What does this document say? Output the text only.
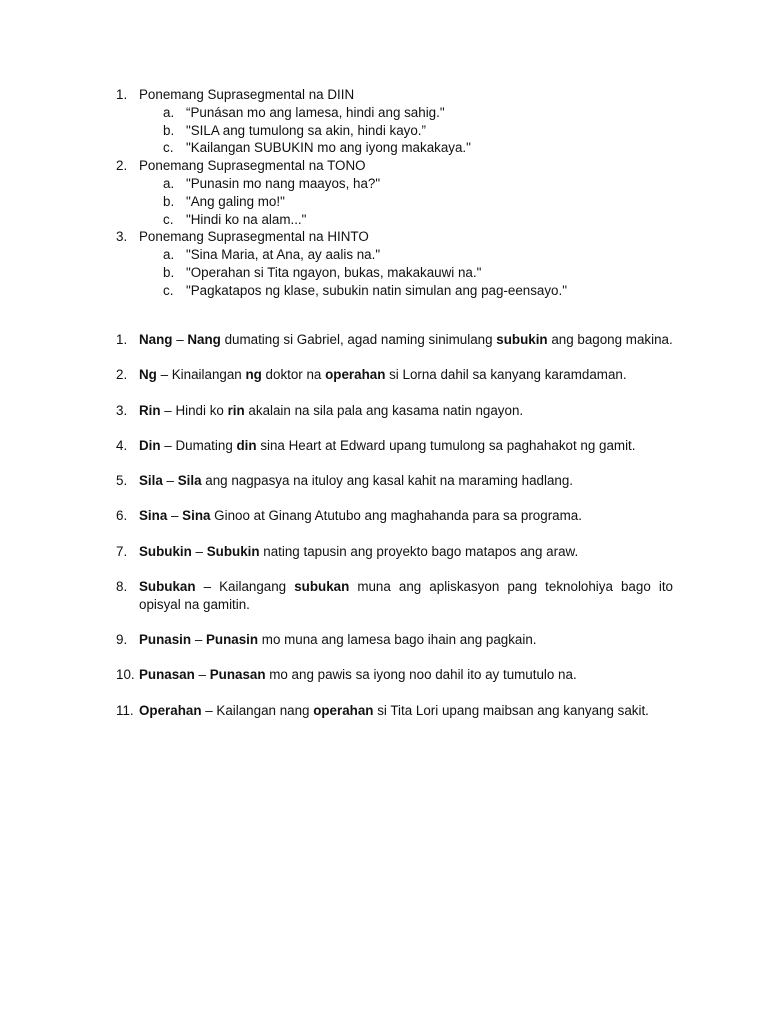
1. Ponemang Suprasegmental na DIIN
a. “Punásan mo ang lamesa, hindi ang sahig."
b. "SILA ang tumulong sa akin, hindi kayo.”
c. "Kailangan SUBUKIN mo ang iyong makakaya."
2. Ponemang Suprasegmental na TONO
a. "Punasin mo nang maayos, ha?"
b. "Ang galing mo!"
c. "Hindi ko na alam..."
3. Ponemang Suprasegmental na HINTO
a. "Sina Maria, at Ana, ay aalis na."
b. "Operahan si Tita ngayon, bukas, makakauwi na."
c. "Pagkatapos ng klase, subukin natin simulan ang pag-eensayo."
1. Nang – Nang dumating si Gabriel, agad naming sinimulang subukin ang bagong makina.
2. Ng – Kinailangan ng doktor na operahan si Lorna dahil sa kanyang karamdaman.
3. Rin – Hindi ko rin akalain na sila pala ang kasama natin ngayon.
4. Din – Dumating din sina Heart at Edward upang tumulong sa paghahakot ng gamit.
5. Sila – Sila ang nagpasya na ituloy ang kasal kahit na maraming hadlang.
6. Sina – Sina Ginoo at Ginang Atutubo ang maghahanda para sa programa.
7. Subukin – Subukin nating tapusin ang proyekto bago matapos ang araw.
8. Subukan – Kailangang subukan muna ang apliskasyon pang teknolohiya bago ito opisyal na gamitin.
9. Punasin – Punasin mo muna ang lamesa bago ihain ang pagkain.
10. Punasan – Punasan mo ang pawis sa iyong noo dahil ito ay tumutulo na.
11. Operahan – Kailangan nang operahan si Tita Lori upang maibsan ang kanyang sakit.
